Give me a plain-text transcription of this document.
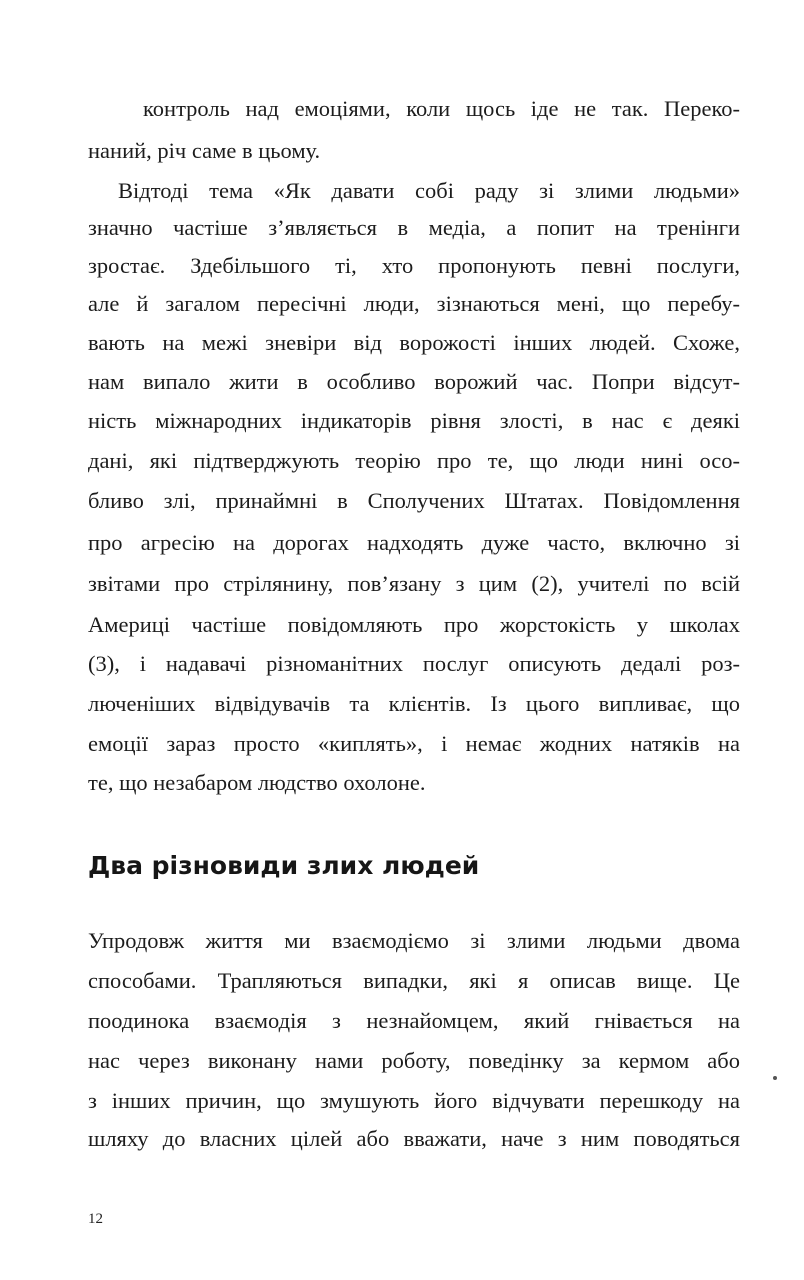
контроль над емоціями, коли щось іде не так. Переко-
наний, річ саме в цьому.
Відтоді тема «Як давати собі раду зі злими людьми»
значно частіше з’являється в медіа, а попит на тренінги
зростає. Здебільшого ті, хто пропонують певні послуги,
але й загалом пересічні люди, зізнаються мені, що перебу-
вають на межі зневіри від ворожості інших людей. Схоже,
нам випало жити в особливо ворожий час. Попри відсут-
ність міжнародних індикаторів рівня злості, в нас є деякі
дані, які підтверджують теорію про те, що люди нині осо-
бливо злі, принаймні в Сполучених Штатах. Повідомлення
про агресію на дорогах надходять дуже часто, включно зі
звітами про стрілянину, пов’язану з цим (2), учителі по всій
Америці частіше повідомляють про жорстокість у школах
(3), і надавачі різноманітних послуг описують дедалі роз-
люченіших відвідувачів та клієнтів. Із цього випливає, що
емоції зараз просто «киплять», і немає жодних натяків на
те, що незабаром людство охолоне.
Два різновиди злих людей
Упродовж життя ми взаємодіємо зі злими людьми двома
способами. Трапляються випадки, які я описав вище. Це
поодинока взаємодія з незнайомцем, який гнівається на
нас через виконану нами роботу, поведінку за кермом або
з інших причин, що змушують його відчувати перешкоду на
шляху до власних цілей або вважати, наче з ним поводяться
12
